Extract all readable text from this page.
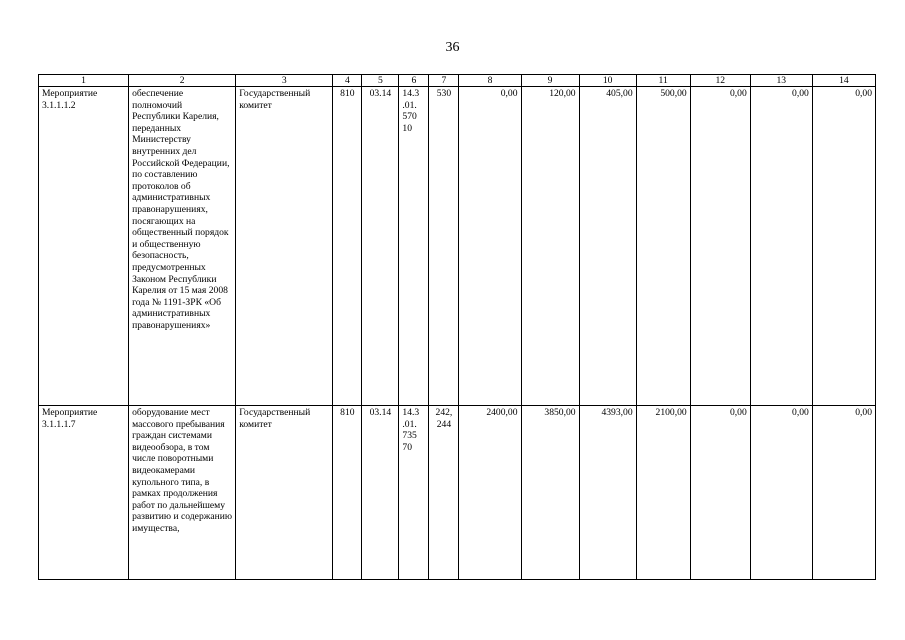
36
1	2	3	4	5	6	7	8	9	10	11	12	13	14
Мероприятие 3.1.1.1.2	обеспечение полномочий Республики Карелия, переданных Министерству внутренних дел Российской Федерации, по составлению протоколов об административных правонарушениях, посягающих на общественный порядок и общественную безопасность, предусмотренных Законом Республики Карелия от 15 мая 2008 года № 1191-ЗРК «Об административных правонарушениях»	Государственный комитет	810	03.14	14.3 .01. 570 10	530	0,00	120,00	405,00	500,00	0,00	0,00	0,00
Мероприятие 3.1.1.1.7	оборудование мест массового пребывания граждан системами видеообзора, в том числе поворотными видеокамерами купольного типа, в рамках продолжения работ по дальнейшему развитию и содержанию имущества,	Государственный комитет	810	03.14	14.3 .01. 735 70	242, 244	2400,00	3850,00	4393,00	2100,00	0,00	0,00	0,00
